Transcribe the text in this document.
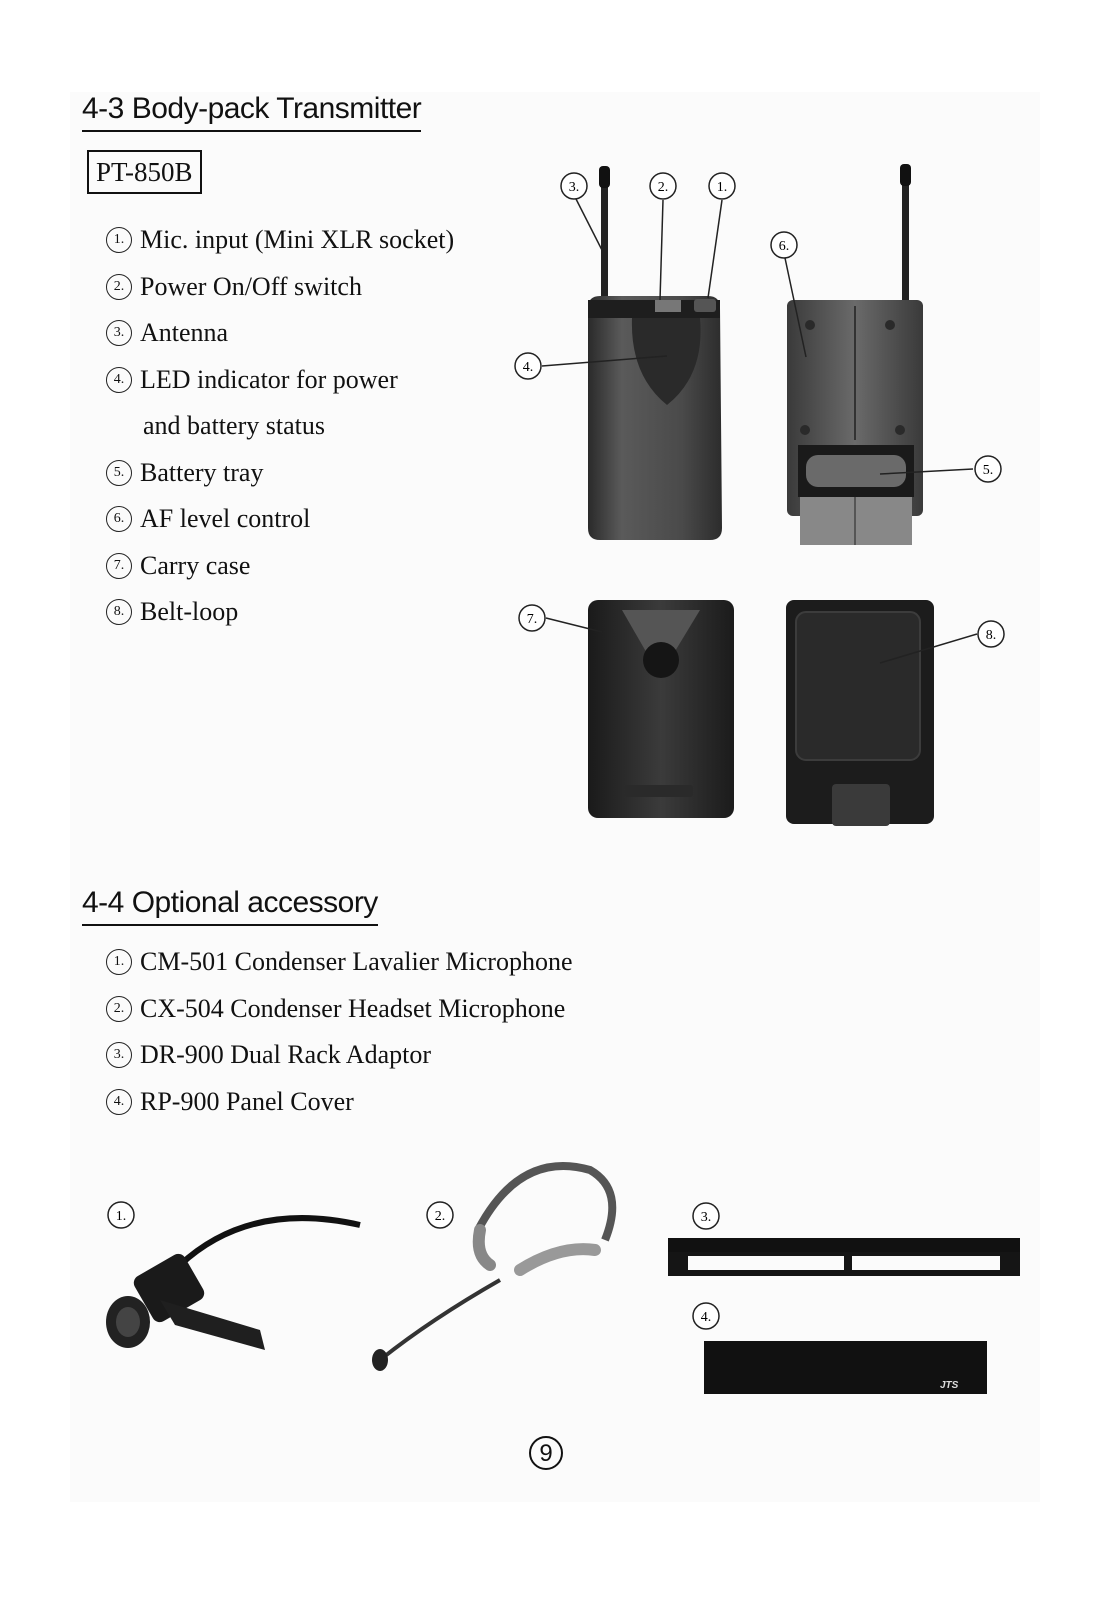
4-3 Body-pack Transmitter
PT-850B
1. Mic. input (Mini XLR socket)
2. Power On/Off switch
3. Antenna
4. LED indicator for power
and battery status
5. Battery tray
6. AF level control
7. Carry case
8. Belt-loop
4-4 Optional accessory
1. CM-501 Condenser Lavalier Microphone
2. CX-504 Condenser Headset Microphone
3. DR-900 Dual Rack Adaptor
4. RP-900 Panel Cover
3.	2.	1.
6.
4.
5.
7.
8.
1.	2.	3.
JTS
4.
9
